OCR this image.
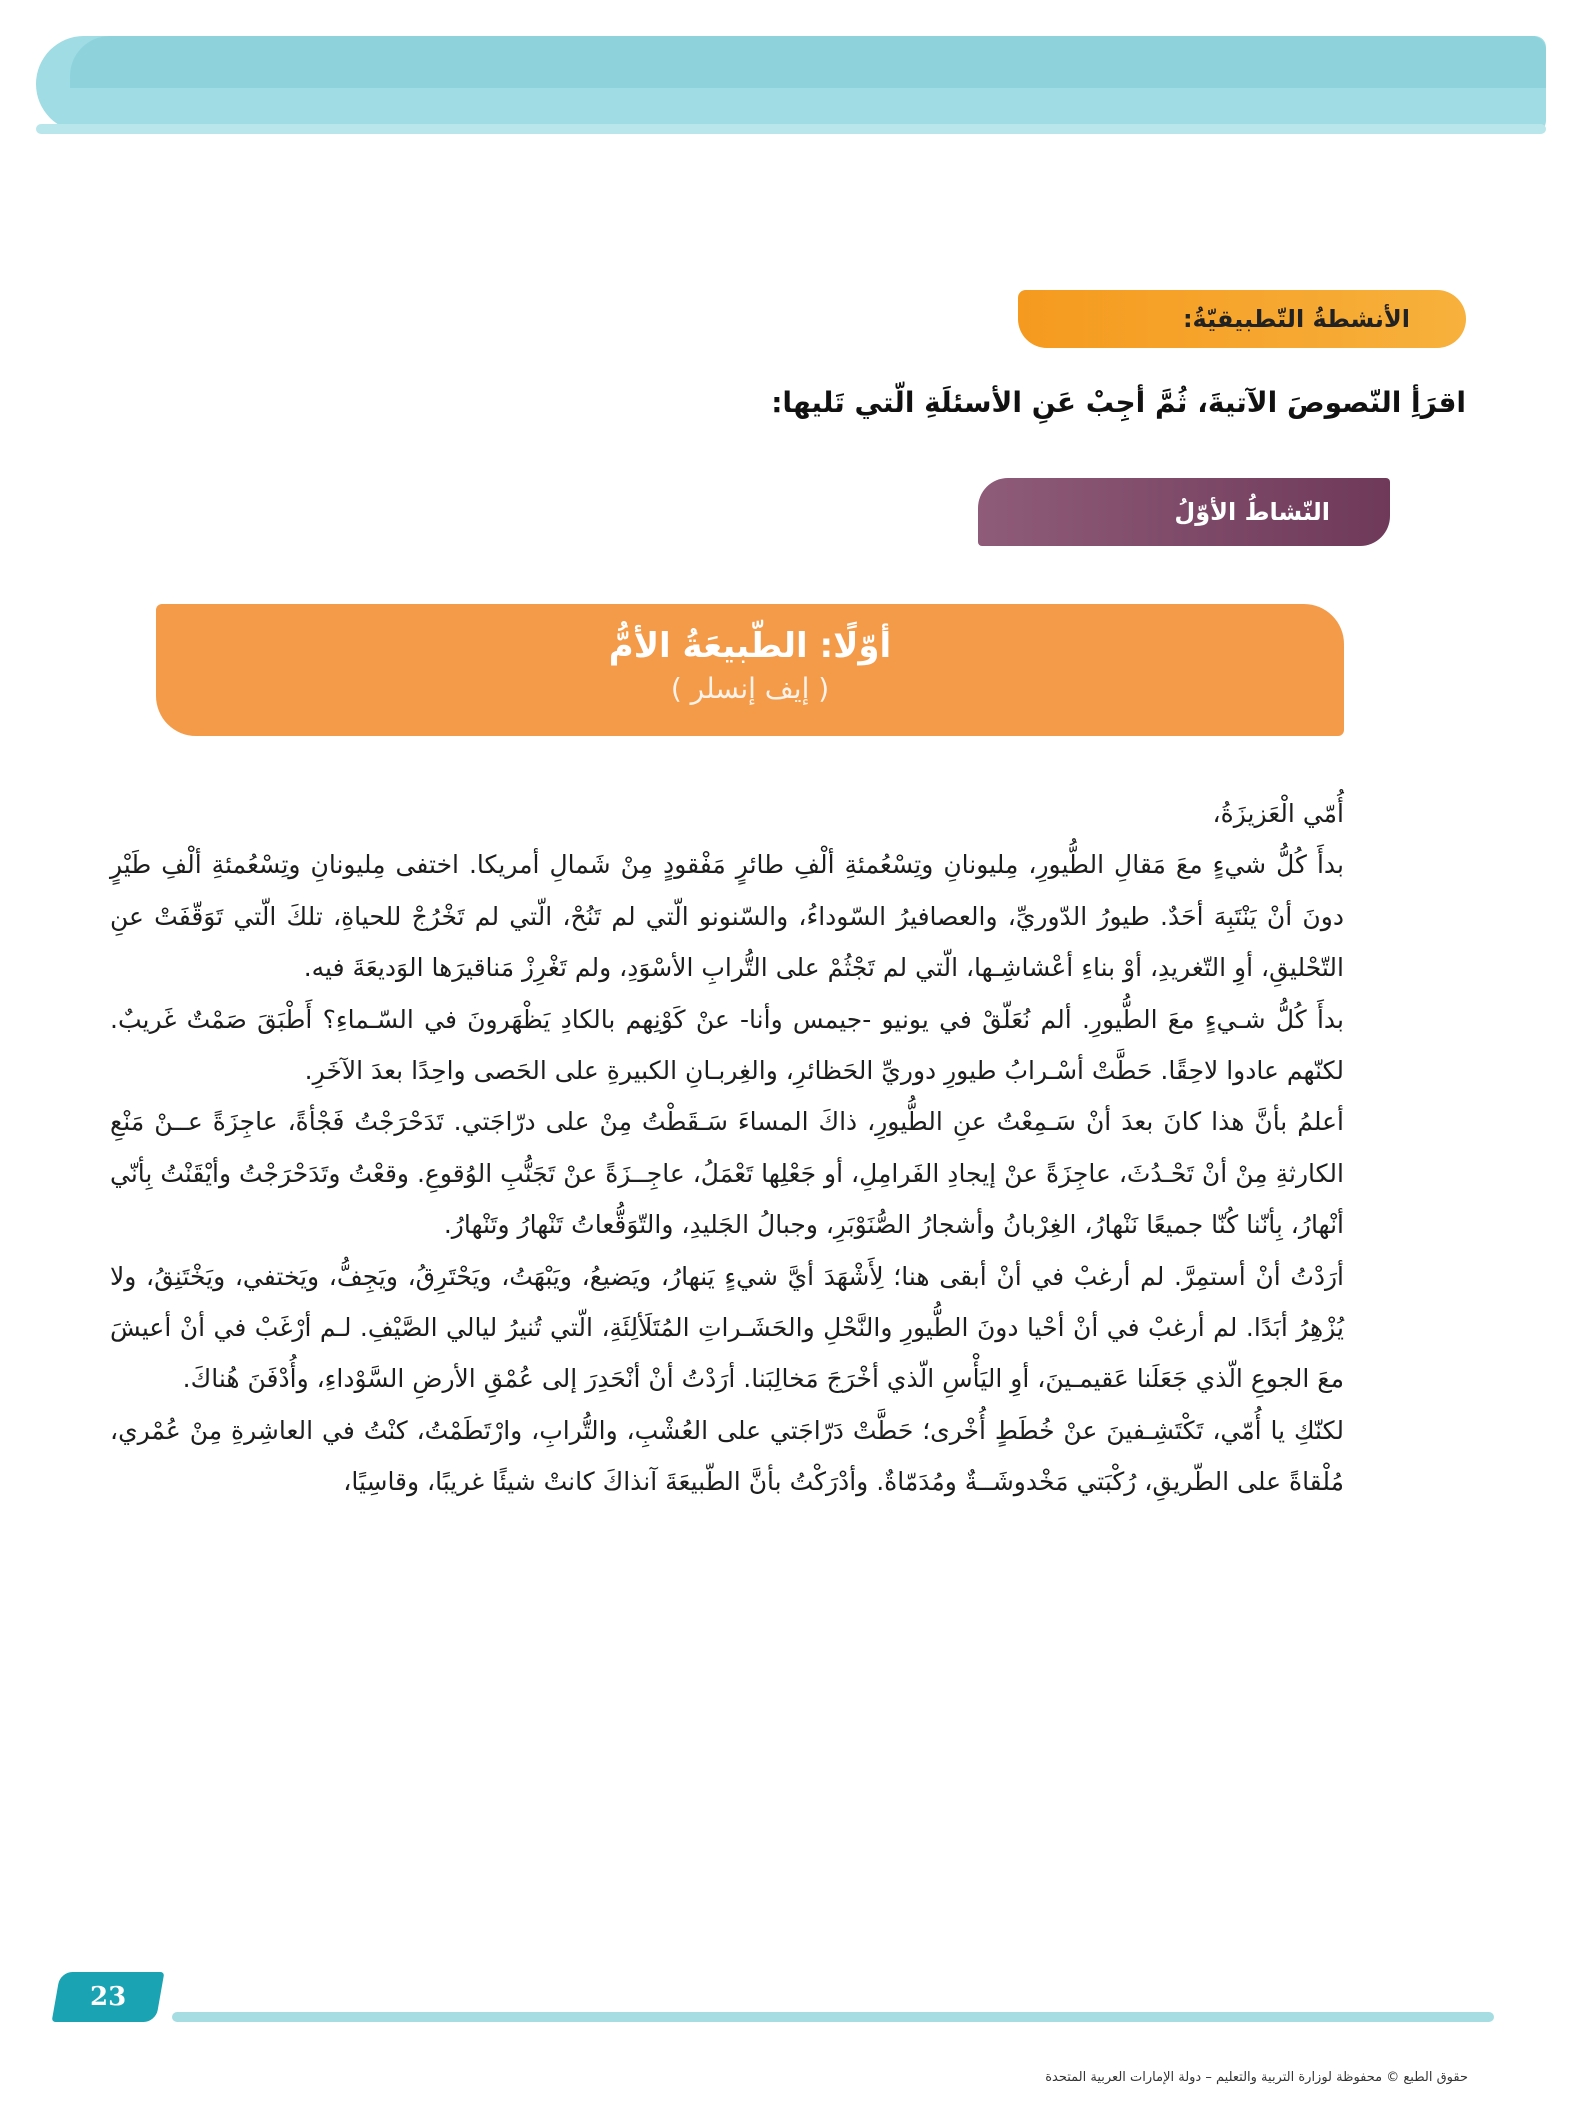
الأنشطةُ التّطبيقيّةُ:
اقرَأِ النّصوصَ الآتيةَ، ثُمَّ أجِبْ عَنِ الأسئلَةِ الّتي تَليها:
النّشاطُ الأوّلُ
أوّلًا: الطّبيعَةُ الأمُّ
( إيف إنسلر )

أُمّي الْعَزيزَةُ،

بدأَ كُلُّ شيءٍ معَ مَقالِ الطُّيورِ، مِليونانِ وتِسْعُمئةِ ألْفِ طائرٍ مَفْقودٍ مِنْ شَمالِ أمريكا. اختفى مِليونانِ وتِسْعُمئةِ ألْفِ طَيْرٍ دونَ أنْ يَنْتَبِهَ أحَدٌ. طيورُ الدّوريِّ، والعصافيرُ السّوداءُ، والسّنونو الّتي لم تَنُحْ، الّتي لم تَخْرُجْ للحياةِ، تلكَ الّتي تَوَقّفَتْ عنِ التّحْليقِ، أوِ التّغريدِ، أوْ بناءِ أعْشاشِـها، الّتي لم تَجْثُمْ على التُّرابِ الأسْوَدِ، ولم تَغْرِزْ مَناقيرَها الوَديعَةَ فيه.

بدأَ كُلُّ شـيءٍ معَ الطُّيورِ. ألم نُعَلّقْ في يونيو -جيمس وأنا- عنْ كَوْنِهم بالكادِ يَظْهَرونَ في السّـماءِ؟ أَطْبَقَ صَمْتٌ غَريبٌ. لكنّهم عادوا لاحِقًا. حَطَّتْ أسْـرابُ طيورِ دوريِّ الحَظائرِ، والغِربـانِ الكبيرةِ على الحَصى واحِدًا بعدَ الآخَرِ.

أعلمُ بأنَّ هذا كانَ بعدَ أنْ سَـمِعْتُ عنِ الطُّيورِ، ذاكَ المساءَ سَـقَطْتُ مِنْ على درّاجَتي. تَدَحْرَجْتُ فَجْأةً، عاجِزَةً عــنْ مَنْعِ الكارثةِ مِنْ أنْ تَحْـدُثَ، عاجِزَةً عنْ إيجادِ الفَرامِلِ، أو جَعْلِها تَعْمَلُ، عاجِــزَةً عنْ تَجَنُّبِ الوُقوعِ. وقعْتُ وتَدَحْرَجْتُ وأيْقَنْتُ بِأنّي أنْهارُ، بِأنّنا كُنّا جميعًا نَنْهارُ، الغِرْبانُ وأشجارُ الصُّنَوْبَرِ، وجبالُ الجَليدِ، والتّوَقُّعاتُ تَنْهارُ وتَنْهارُ.

أرَدْتُ أنْ أستمِرَّ. لم أرغبْ في أنْ أبقى هنا؛ لِأَشْهَدَ أيَّ شيءٍ يَنهارُ، ويَضيعُ، ويَبْهَتُ، ويَحْتَرِقُ، ويَجِفُّ، ويَختفي، ويَخْتَنِقُ، ولا يُزْهِرُ أبَدًا. لم أرغبْ في أنْ أحْيا دونَ الطُّيورِ والنَّحْلِ والحَشَـراتِ المُتَلَألِئَةِ، الّتي تُنيرُ ليالي الصَّيْفِ. لـم أرْغَبْ في أنْ أعيشَ معَ الجوعِ الّذي جَعَلَنا عَقيمـينَ، أوِ اليَأْسِ الّذي أخْرَجَ مَخالِبَنا. أرَدْتُ أنْ أنْحَدِرَ إلى عُمْقِ الأرضِ السَّوْداءِ، وأُدْفَنَ هُناكَ.

لكنّكِ يا أُمّي، تَكْتَشِـفينَ عنْ خُطَطٍ أُخْرى؛ حَطَّتْ دَرّاجَتي على العُشْبِ، والتُّرابِ، وارْتَطَمْتُ، كنْتُ في العاشِرةِ مِنْ عُمْري، مُلْقاةً على الطّريقِ، رُكْبَتي مَخْدوشَــةٌ ومُدَمّاةٌ. وأدْرَكْتُ بأنَّ الطّبيعَةَ آنذاكَ كانتْ شيئًا غريبًا، وقاسِيًا،

23
حقوق الطبع © محفوظة لوزارة التربية والتعليم – دولة الإمارات العربية المتحدة
